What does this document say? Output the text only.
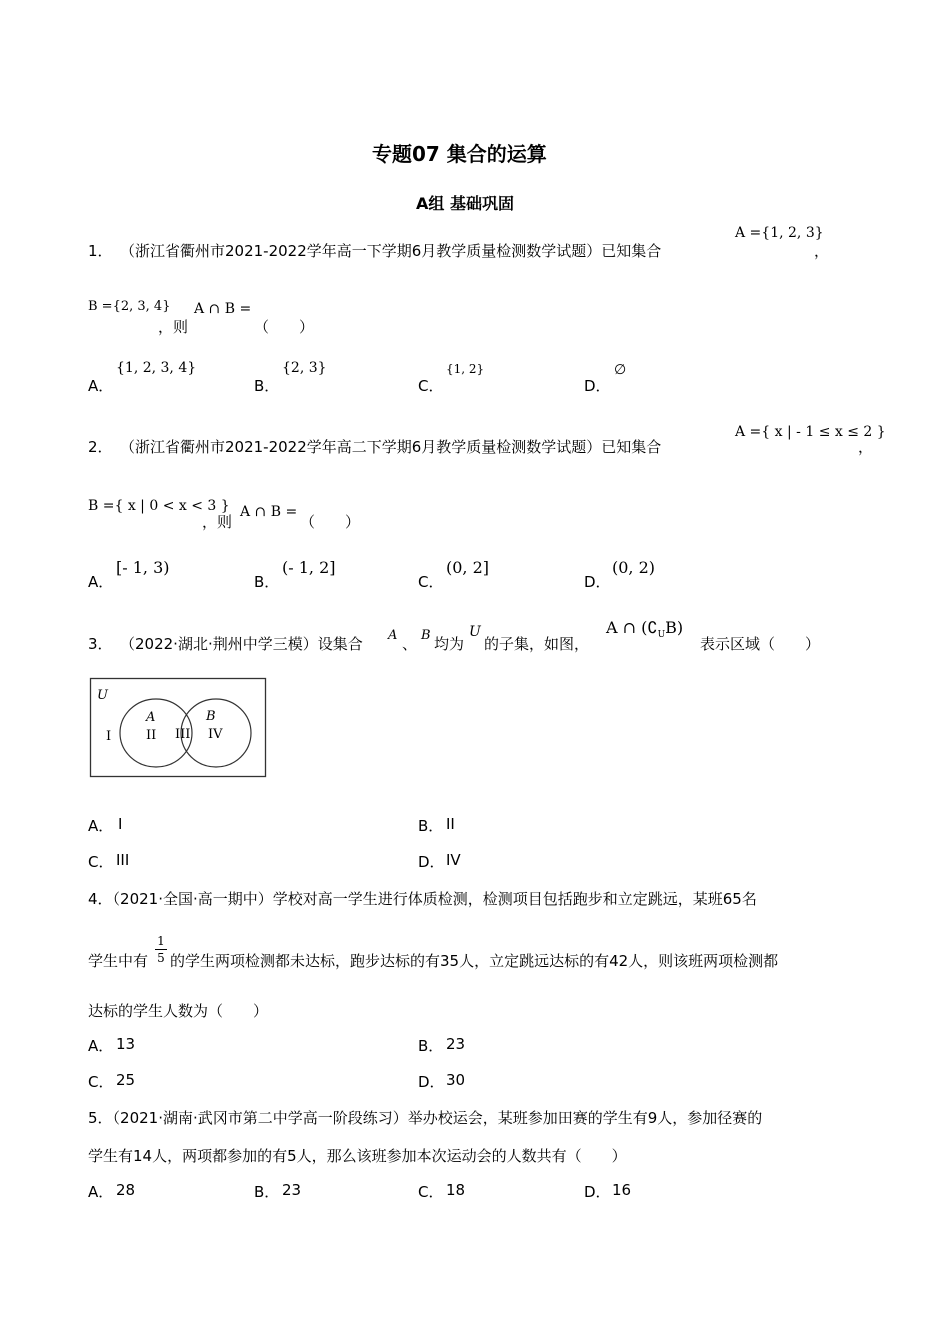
专题07 集合的运算
A组 基础巩固
1． （浙江省衢州市2021-2022学年高一下学期6月教学质量检测数学试题）已知集合
A ={1, 2, 3}
，
B ={2, 3, 4}
，则
A ∩ B =
（　　）
A．
{1, 2, 3, 4}
B．
{2, 3}
C．
{1, 2}
D．
∅
2． （浙江省衢州市2021-2022学年高二下学期6月教学质量检测数学试题）已知集合
A ={ x | - 1 ≤ x ≤ 2 }
，
B ={ x | 0 < x < 3 }
，则
A ∩ B =
（　　）
A．
[- 1, 3)
B．
(- 1, 2]
C．
(0, 2]
D．
(0, 2)
3． （2022·湖北·荆州中学三模）设集合 A 、 B 均为
U
的子集，如图，
A ∩ $(∁_UB)$
表示区域（　　）
U
A	B
I	II III IV
A． Ⅰ	B． II
C． III	D． IV
4．（2021·全国·高一期中）学校对高一学生进行体质检测，检测项目包括跑步和立定跳远，某班65名
学生中有
1
5 的学生两项检测都未达标，跑步达标的有35人，立定跳远达标的有42人，则该班两项检测都
达标的学生人数为（　　）
A． 13	B． 23
C． 25	D． 30
5．（2021·湖南·武冈市第二中学高一阶段练习）举办校运会，某班参加田赛的学生有9人，参加径赛的
学生有14人，两项都参加的有5人，那么该班参加本次运动会的人数共有（　　）
A． 28	B． 23	C． 18	D． 16
